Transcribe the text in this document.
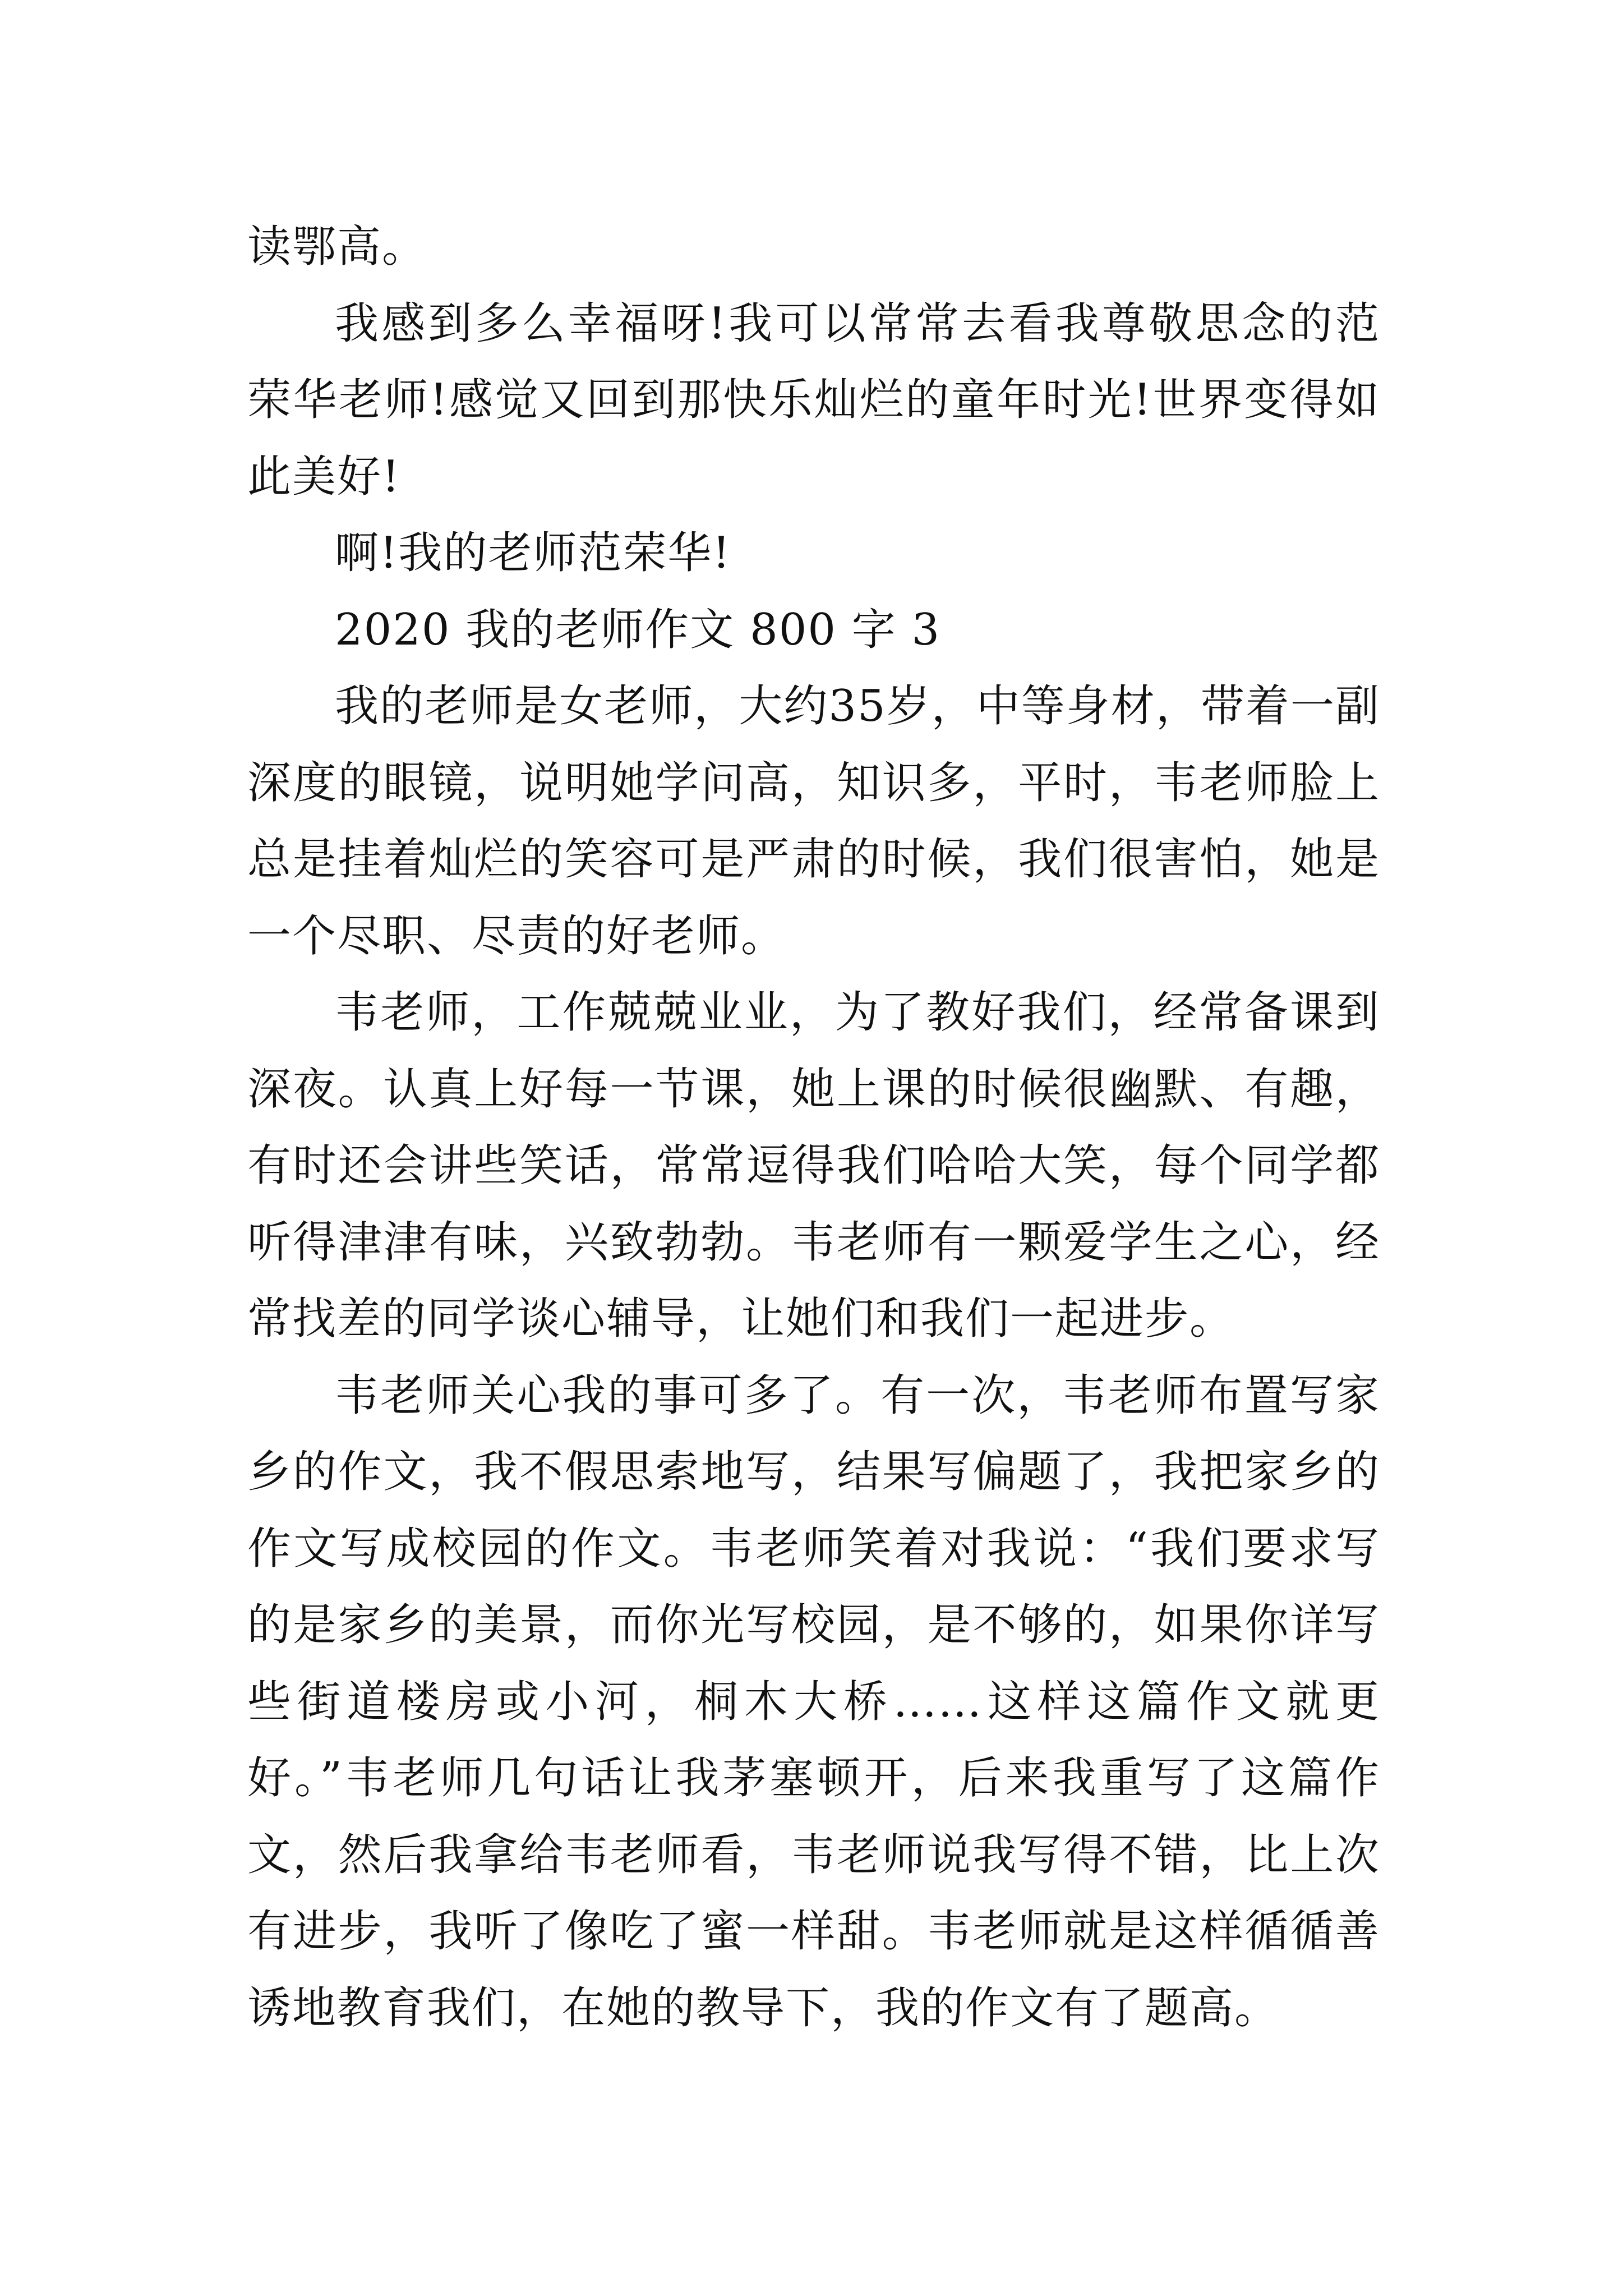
读鄂高。

我感到多么幸福呀!我可以常常去看我尊敬思念的范荣华老师!感觉又回到那快乐灿烂的童年时光!世界变得如此美好!

啊!我的老师范荣华!

2020 我的老师作文 800 字 3

我的老师是女老师，大约35岁，中等身材，带着一副深度的眼镜，说明她学问高，知识多，平时，韦老师脸上总是挂着灿烂的笑容可是严肃的时候，我们很害怕，她是一个尽职、尽责的好老师。

韦老师，工作兢兢业业，为了教好我们，经常备课到深夜。认真上好每一节课，她上课的时候很幽默、有趣，有时还会讲些笑话，常常逗得我们哈哈大笑，每个同学都听得津津有味，兴致勃勃。韦老师有一颗爱学生之心，经常找差的同学谈心辅导，让她们和我们一起进步。

韦老师关心我的事可多了。有一次，韦老师布置写家乡的作文，我不假思索地写，结果写偏题了，我把家乡的作文写成校园的作文。韦老师笑着对我说：“我们要求写的是家乡的美景，而你光写校园，是不够的，如果你详写些街道楼房或小河，桐木大桥……这样这篇作文就更好。”韦老师几句话让我茅塞顿开，后来我重写了这篇作文，然后我拿给韦老师看，韦老师说我写得不错，比上次有进步，我听了像吃了蜜一样甜。韦老师就是这样循循善诱地教育我们，在她的教导下，我的作文有了题高。
